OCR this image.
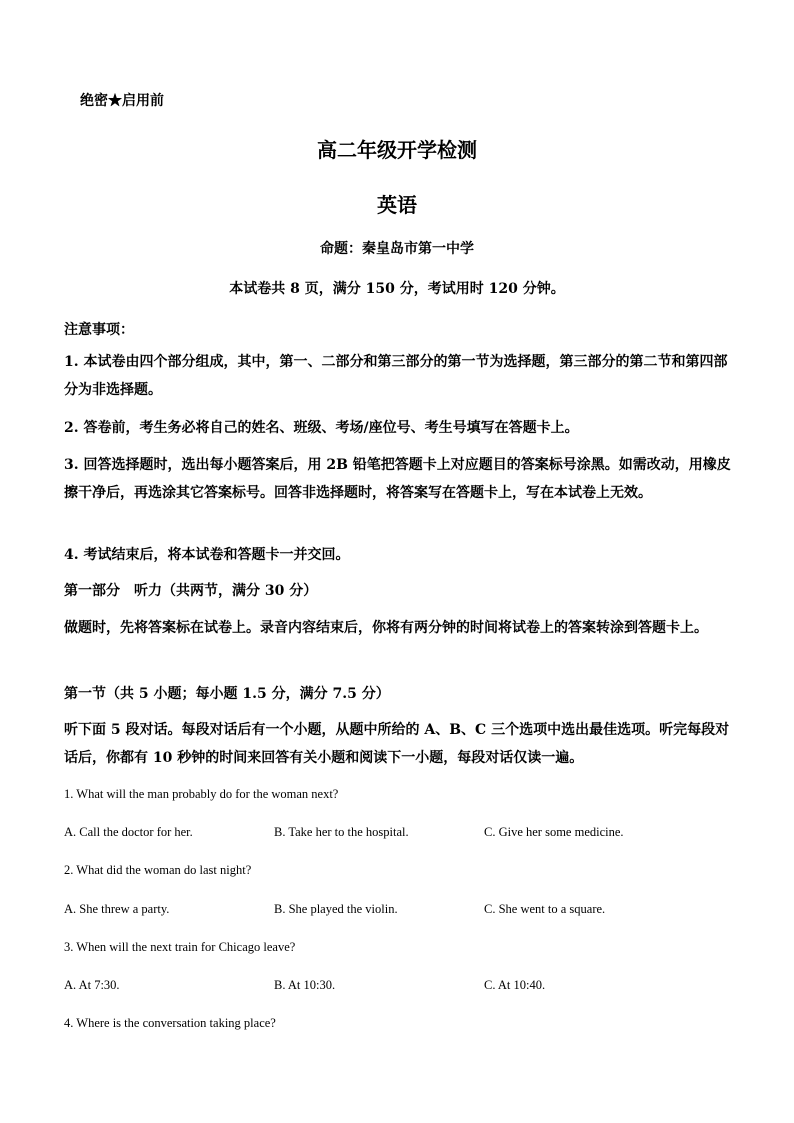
绝密★启用前
高二年级开学检测
英语
命题：秦皇岛市第一中学
本试卷共 8 页，满分 150 分，考试用时 120 分钟。
注意事项：
1. 本试卷由四个部分组成，其中，第一、二部分和第三部分的第一节为选择题，第三部分的第二节和第四部分为非选择题。
2. 答卷前，考生务必将自己的姓名、班级、考场/座位号、考生号填写在答题卡上。
3. 回答选择题时，选出每小题答案后，用 2B 铅笔把答题卡上对应题目的答案标号涂黑。如需改动，用橡皮擦干净后，再选涂其它答案标号。回答非选择题时，将答案写在答题卡上，写在本试卷上无效。
4. 考试结束后，将本试卷和答题卡一并交回。
第一部分　听力（共两节，满分 30 分）
做题时，先将答案标在试卷上。录音内容结束后，你将有两分钟的时间将试卷上的答案转涂到答题卡上。
第一节（共 5 小题；每小题 1.5 分，满分 7.5 分）
听下面 5 段对话。每段对话后有一个小题，从题中所给的 A、B、C 三个选项中选出最佳选项。听完每段对话后，你都有 10 秒钟的时间来回答有关小题和阅读下一小题，每段对话仅读一遍。
1. What will the man probably do for the woman next?
A. Call the doctor for her.	B. Take her to the hospital.	C. Give her some medicine.
2. What did the woman do last night?
A. She threw a party.	B. She played the violin.	C. She went to a square.
3. When will the next train for Chicago leave?
A. At 7:30.	B. At 10:30.	C. At 10:40.
4. Where is the conversation taking place?
